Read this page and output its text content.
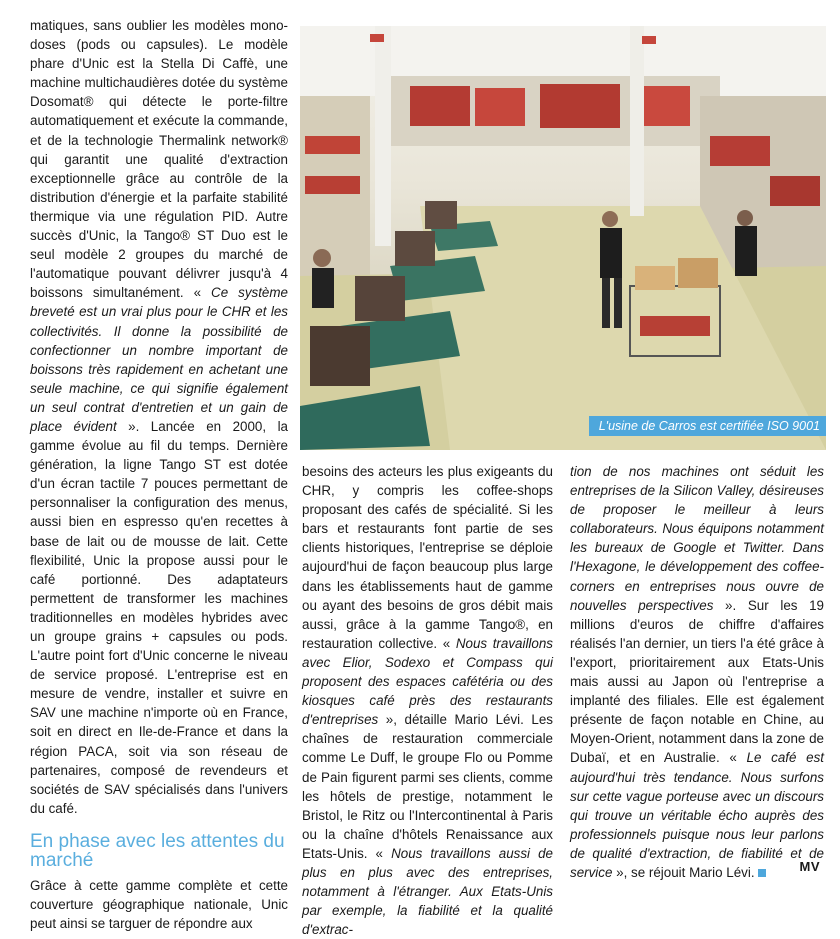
matiques, sans oublier les modèles mono-doses (pods ou capsules). Le modèle phare d'Unic est la Stella Di Caffè, une machine multichaudières dotée du système Dosomat® qui détecte le porte-filtre automatiquement et exécute la commande, et de la technologie Thermalink network® qui garantit une qualité d'extraction exceptionnelle grâce au contrôle de la distribution d'énergie et la parfaite stabilité thermique via une régulation PID. Autre succès d'Unic, la Tango® ST Duo est le seul modèle 2 groupes du marché de l'automatique pouvant délivrer jusqu'à 4 boissons simultanément. « Ce système breveté est un vrai plus pour le CHR et les collectivités. Il donne la possibilité de confectionner un nombre important de boissons très rapidement en achetant une seule machine, ce qui signifie également un seul contrat d'entretien et un gain de place évident ». Lancée en 2000, la gamme évolue au fil du temps. Dernière génération, la ligne Tango ST est dotée d'un écran tactile 7 pouces permettant de personnaliser la configuration des menus, aussi bien en espresso qu'en recettes à base de lait ou de mousse de lait. Cette flexibilité, Unic la propose aussi pour le café portionné. Des adaptateurs permettent de transformer les machines traditionnelles en modèles hybrides avec un groupe grains + capsules ou pods. L'autre point fort d'Unic concerne le niveau de service proposé. L'entreprise est en mesure de vendre, installer et suivre en SAV une machine n'importe où en France, soit en direct en Ile-de-France et dans la région PACA, soit via son réseau de partenaires, composé de revendeurs et sociétés de SAV spécialisés dans l'univers du café.

En phase avec les attentes du marché

Grâce à cette gamme complète et cette couverture géographique nationale, Unic peut ainsi se targuer de répondre aux

L'usine de Carros est certifiée ISO 9001

besoins des acteurs les plus exigeants du CHR, y compris les coffee-shops proposant des cafés de spécialité. Si les bars et restaurants font partie de ses clients historiques, l'entreprise se déploie aujourd'hui de façon beaucoup plus large dans les établissements haut de gamme ou ayant des besoins de gros débit mais aussi, grâce à la gamme Tango®, en restauration collective. « Nous travaillons avec Elior, Sodexo et Compass qui proposent des espaces cafétéria ou des kiosques café près des restaurants d'entreprises », détaille Mario Lévi. Les chaînes de restauration commerciale comme Le Duff, le groupe Flo ou Pomme de Pain figurent parmi ses clients, comme les hôtels de prestige, notamment le Bristol, le Ritz ou l'Intercontinental à Paris ou la chaîne d'hôtels Renaissance aux Etats-Unis. « Nous travaillons aussi de plus en plus avec des entreprises, notamment à l'étranger. Aux Etats-Unis par exemple, la fiabilité et la qualité d'extrac-

tion de nos machines ont séduit les entreprises de la Silicon Valley, désireuses de proposer le meilleur à leurs collaborateurs. Nous équipons notamment les bureaux de Google et Twitter. Dans l'Hexagone, le développement des coffee-corners en entreprises nous ouvre de nouvelles perspectives ». Sur les 19 millions d'euros de chiffre d'affaires réalisés l'an dernier, un tiers l'a été grâce à l'export, prioritairement aux Etats-Unis mais aussi au Japon où l'entreprise a implanté des filiales. Elle est également présente de façon notable en Chine, au Moyen-Orient, notamment dans la zone de Dubaï, et en Australie. « Le café est aujourd'hui très tendance. Nous surfons sur cette vague porteuse avec un discours qui trouve un véritable écho auprès des professionnels puisque nous leur parlons de qualité d'extraction, de fiabilité et de service », se réjouit Mario Lévi.	MV
